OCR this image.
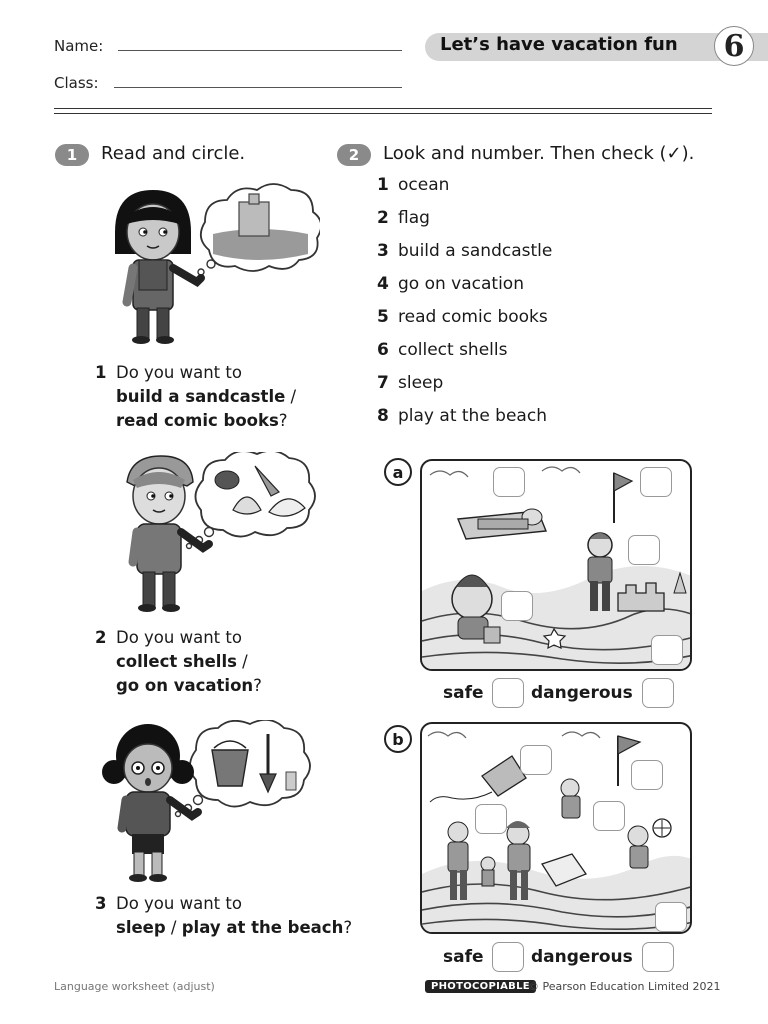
Name:
Class:
Let’s have vacation fun	6
1	Read and circle.
1 Do you want to
build a sandcastle /
read comic books?
2 Do you want to
collect shells /
go on vacation?
3 Do you want to
sleep / play at the beach?
2	Look and number. Then check (✓).
1 ocean
2 flag
3 build a sandcastle
4 go on vacation
5 read comic books
6 collect shells
7 sleep
8 play at the beach
a
safe	dangerous
b
safe	dangerous
Language worksheet (adjust)	PHOTOCOPIABLE
© Pearson Education Limited 2021
